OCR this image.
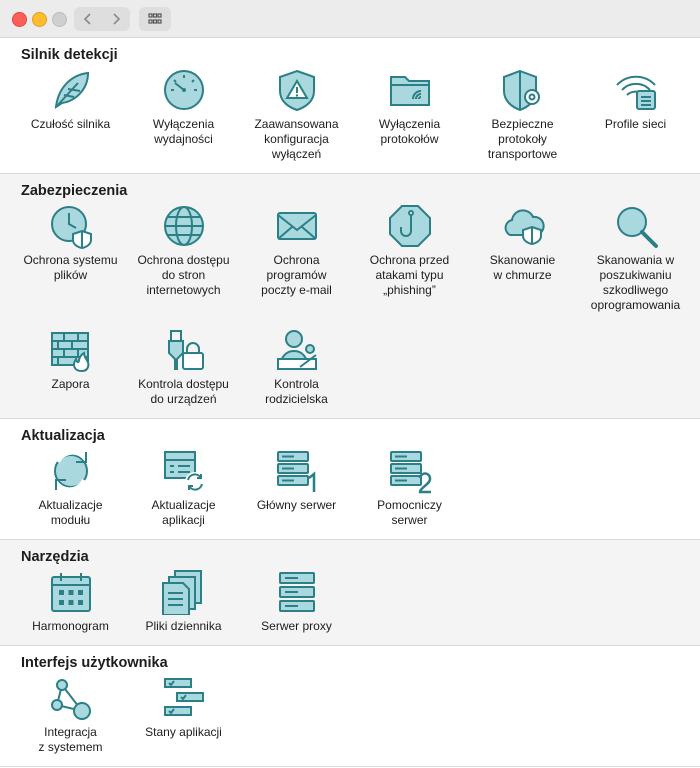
Silnik detekcji
Czułość silnika	Wyłączenia
wydajności
Zaawansowana
konfiguracja
wyłączeń
Wyłączenia
protokołów
Bezpieczne
protokoły
transportowe
Profile sieci
Zabezpieczenia
Ochrona systemu
plików
Ochrona dostępu
do stron
internetowych
Ochrona
programów
poczty e-mail
Ochrona przed
atakami typu
„phishing”
Skanowanie
w chmurze
Skanowania w
poszukiwaniu
szkodliwego
oprogramowania
Zapora	Kontrola dostępu
do urządzeń
Kontrola
rodzicielska
Aktualizacja
Aktualizacje
modułu
Aktualizacje
aplikacji
Główny serwer	Pomocniczy
serwer
Narzędzia
Harmonogram	Pliki dziennika	Serwer proxy
Interfejs użytkownika
Integracja
z systemem
Stany aplikacji
